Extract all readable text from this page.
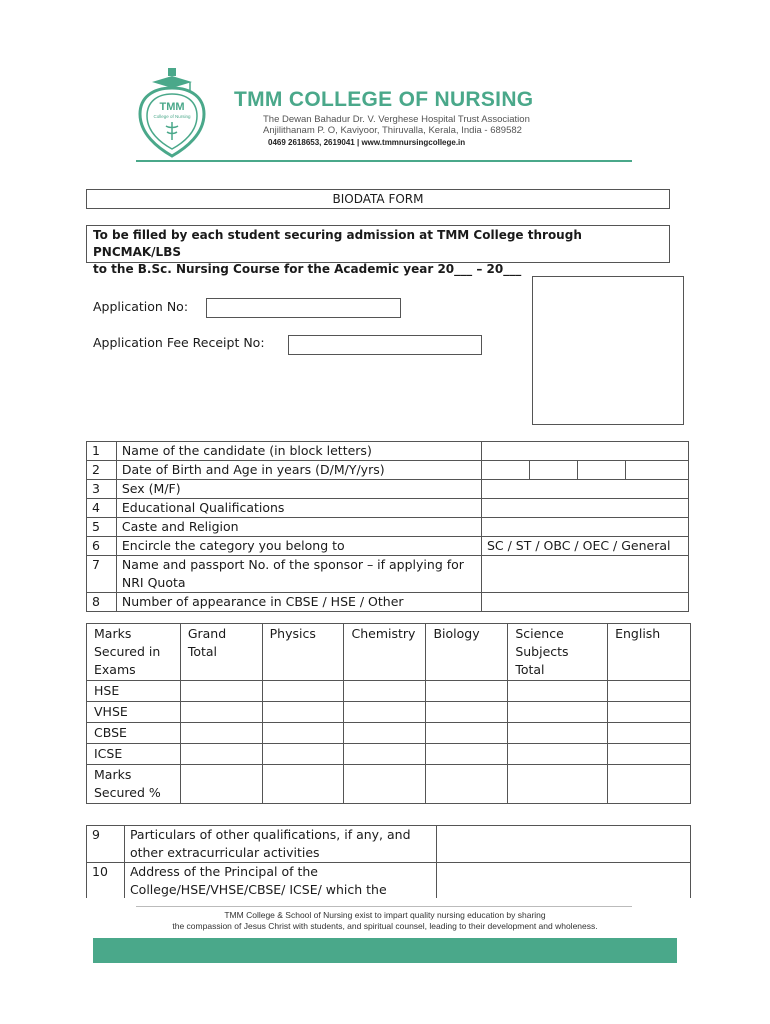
TMM
College of Nursing
TMM COLLEGE OF NURSING
The Dewan Bahadur Dr. V. Verghese Hospital Trust Association
Anjilithanam P. O, Kaviyoor, Thiruvalla, Kerala, India - 689582
0469 2618653, 2619041 | www.tmmnursingcollege.in
BIODATA FORM
To be filled by each student securing admission at TMM College through PNCMAK/LBS
to the B.Sc. Nursing Course for the Academic year 20___ – 20___
Application No:
Application Fee Receipt No:
1	Name of the candidate (in block letters)	
2	Date of Birth and Age in years (D/M/Y/yrs)	

3	Sex (M/F)	
4	Educational Qualifications	
5	Caste and Religion	
6	Encircle the category you belong to	SC / ST / OBC / OEC / General
7	Name and passport No. of the sponsor – if applying for NRI Quota	
8	Number of appearance in CBSE / HSE / Other	
Marks Secured in Exams	Grand Total	Physics	Chemistry	Biology	Science Subjects Total	English
HSE						
VHSE						
CBSE						
ICSE						
Marks Secured %						
9	Particulars of other qualifications, if any, and other extracurricular activities	
10	Address of the Principal of the College/HSE/VHSE/CBSE/ ICSE/ which the	
TMM College & School of Nursing exist to impart quality nursing education by sharing
the compassion of Jesus Christ with students, and spiritual counsel, leading to their development and wholeness.
